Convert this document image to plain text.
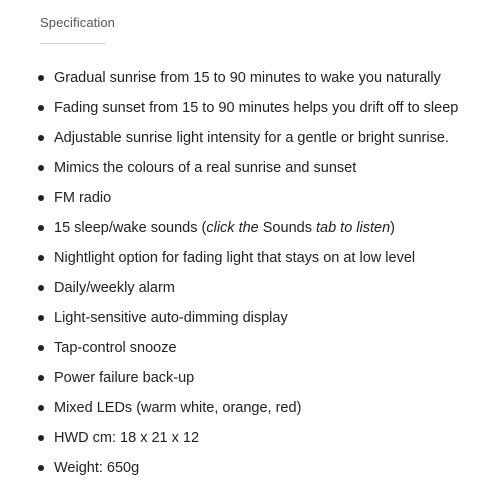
Specification
Gradual sunrise from 15 to 90 minutes to wake you naturally
Fading sunset from 15 to 90 minutes helps you drift off to sleep
Adjustable sunrise light intensity for a gentle or bright sunrise.
Mimics the colours of a real sunrise and sunset
FM radio
15 sleep/wake sounds (click the Sounds tab to listen)
Nightlight option for fading light that stays on at low level
Daily/weekly alarm
Light-sensitive auto-dimming display
Tap-control snooze
Power failure back-up
Mixed LEDs (warm white, orange, red)
HWD cm: 18 x 21 x 12
Weight: 650g
